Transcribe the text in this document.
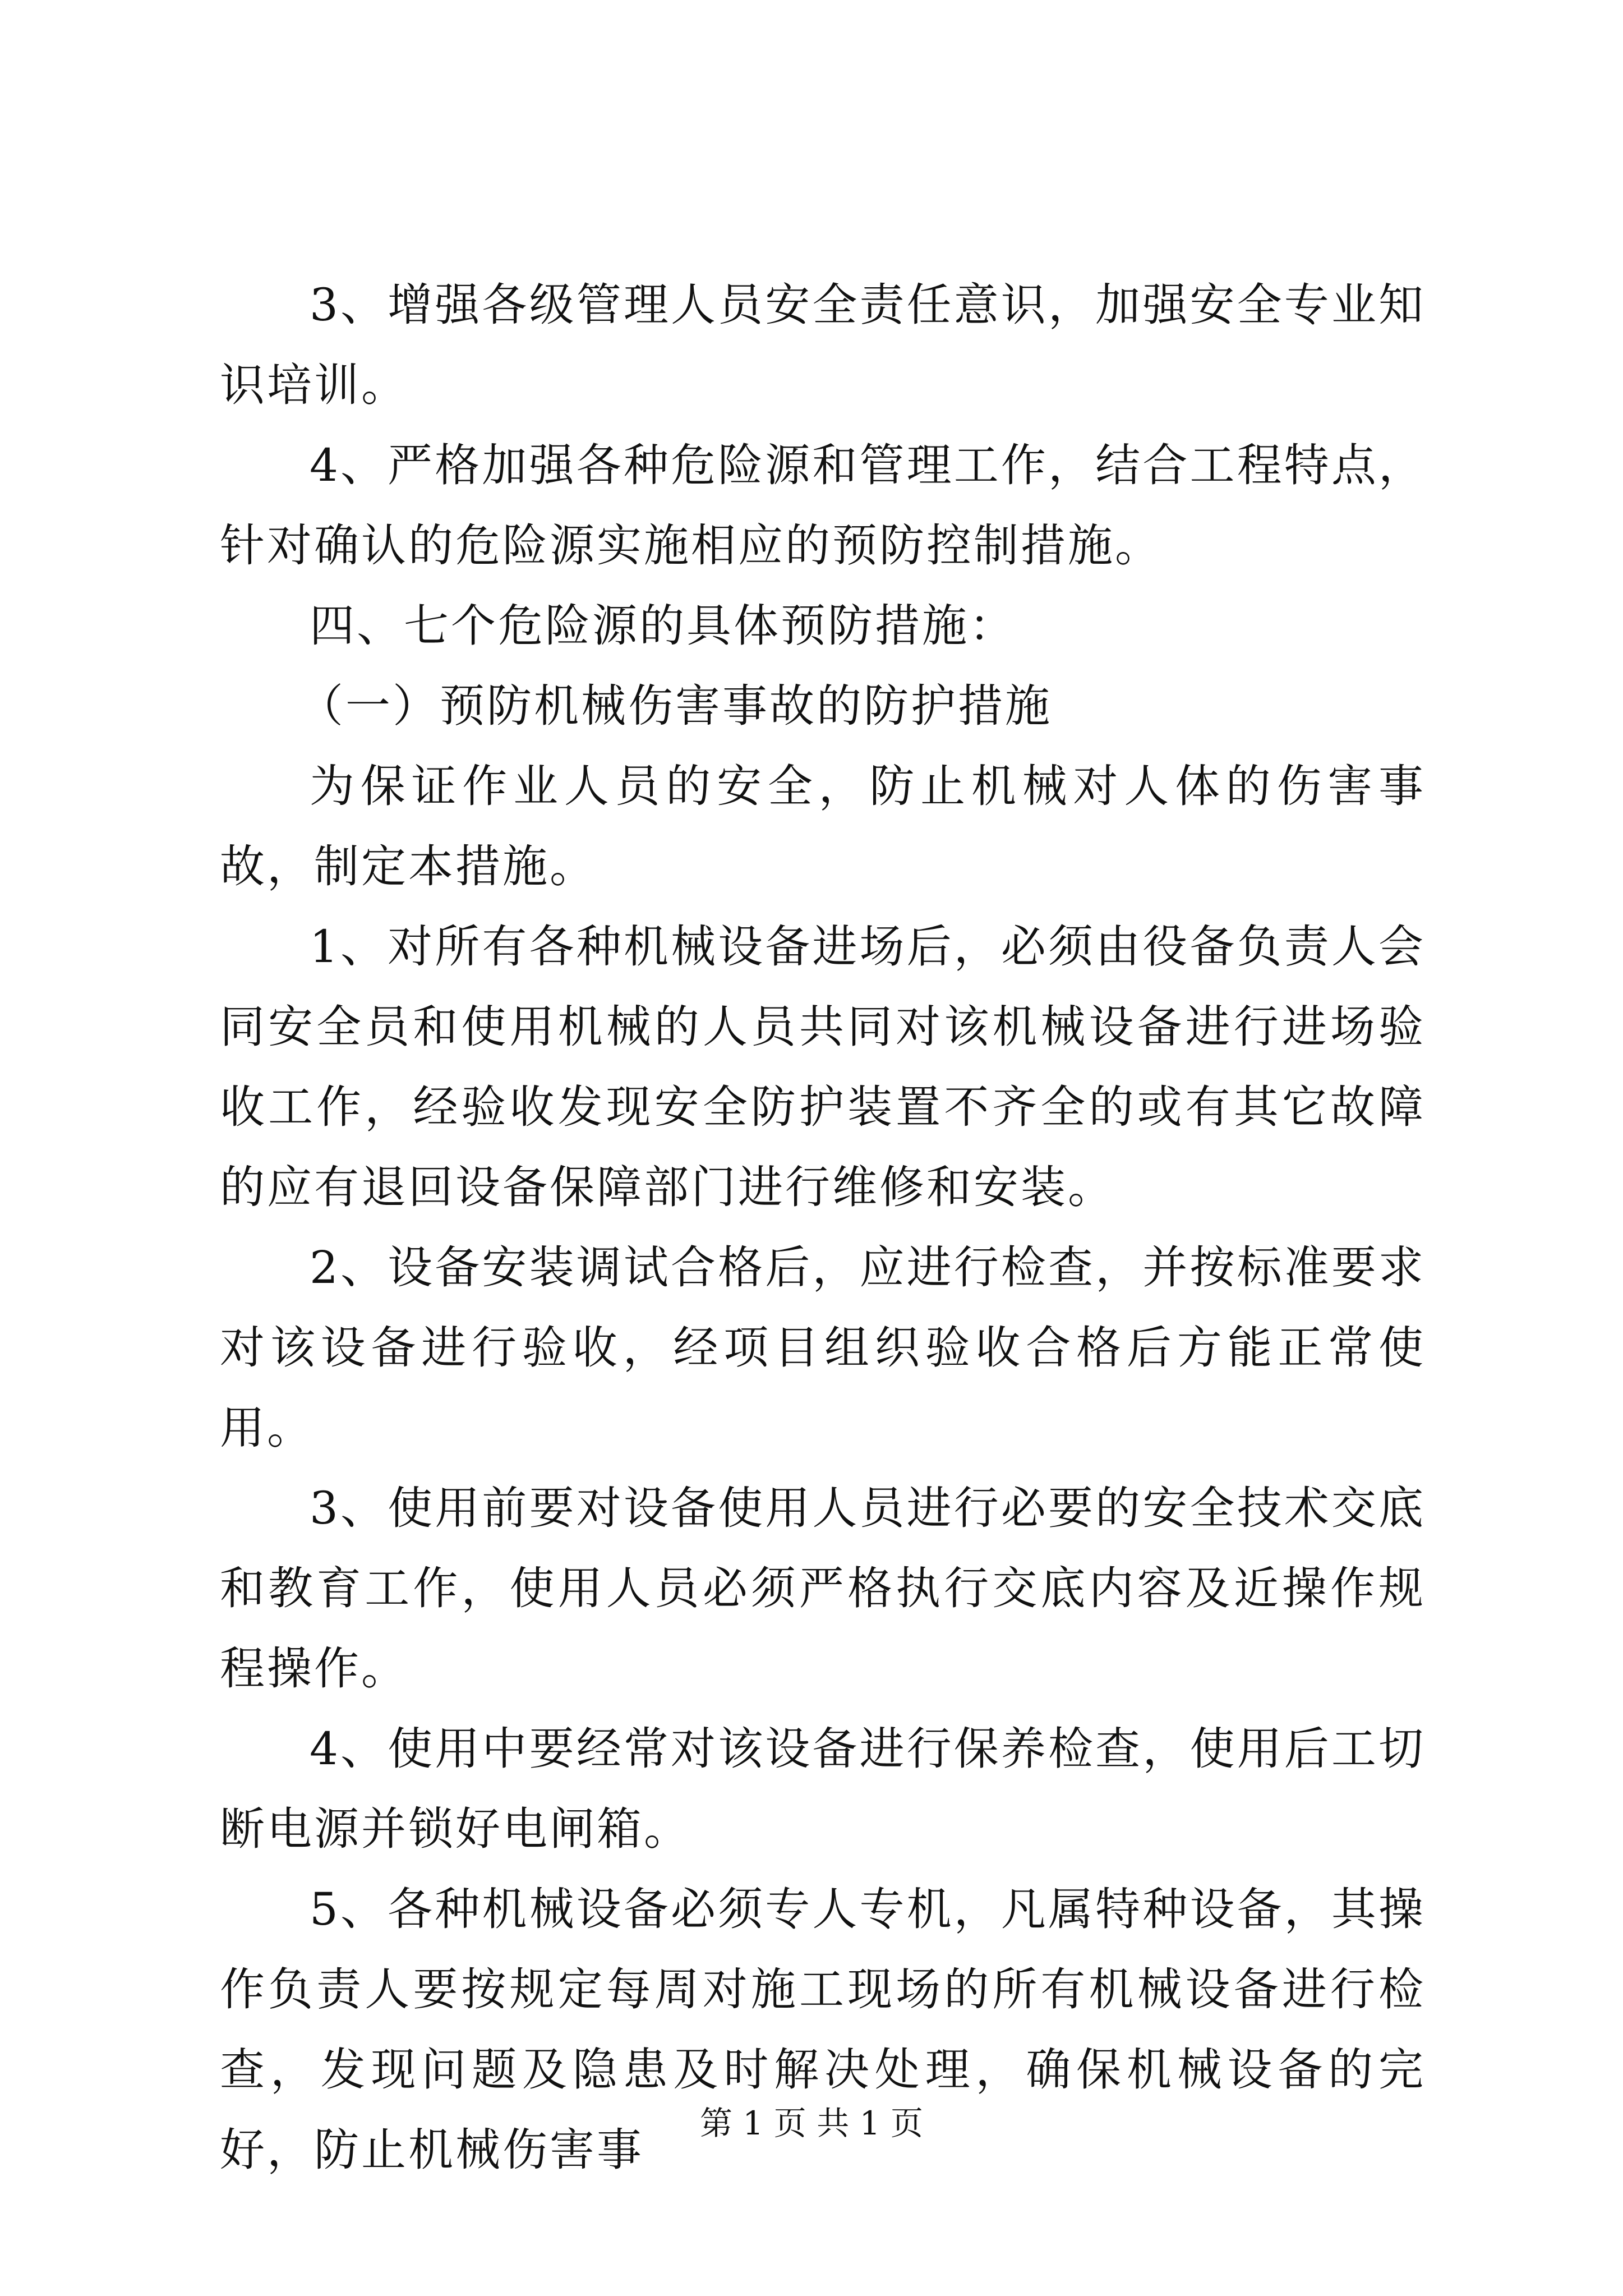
3、增强各级管理人员安全责任意识，加强安全专业知识培训。

4、严格加强各种危险源和管理工作，结合工程特点，针对确认的危险源实施相应的预防控制措施。

四、七个危险源的具体预防措施：

（一）预防机械伤害事故的防护措施

为保证作业人员的安全，防止机械对人体的伤害事故，制定本措施。

1、对所有各种机械设备进场后，必须由役备负责人会同安全员和使用机械的人员共同对该机械设备进行进场验收工作，经验收发现安全防护装置不齐全的或有其它故障的应有退回设备保障部门进行维修和安装。

2、设备安装调试合格后，应进行检查，并按标准要求对该设备进行验收，经项目组织验收合格后方能正常使用。

3、使用前要对设备使用人员进行必要的安全技术交底和教育工作，使用人员必须严格执行交底内容及近操作规程操作。

4、使用中要经常对该设备进行保养检查，使用后工切断电源并锁好电闸箱。

5、各种机械设备必须专人专机，凡属特种设备，其操作负责人要按规定每周对施工现场的所有机械设备进行检查，发现问题及隐患及时解决处理，确保机械设备的完好，防止机械伤害事

第 1 页 共 1 页
